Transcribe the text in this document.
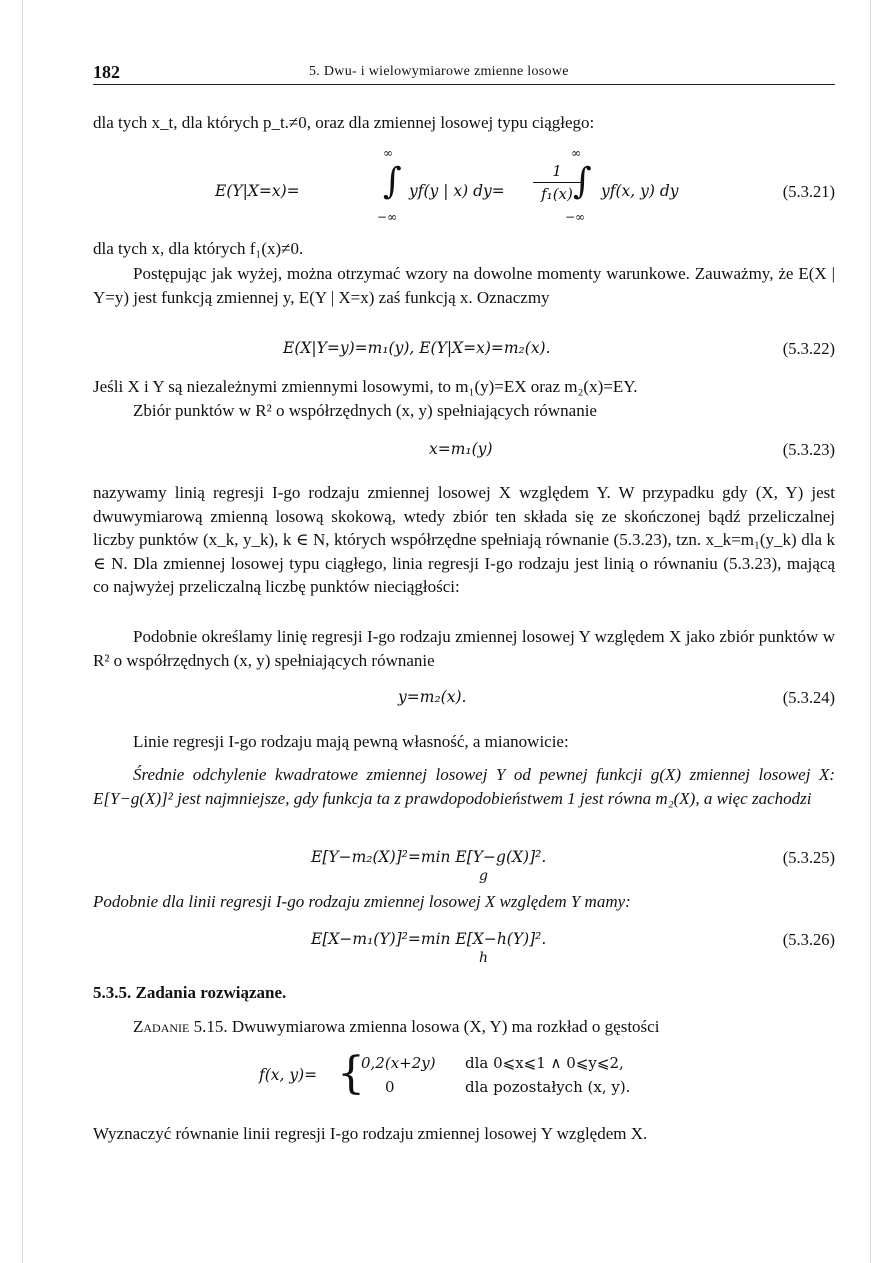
182	5. Dwu- i wielowymiarowe zmienne losowe
dla tych x_t, dla których p_t.≠0, oraz dla zmiennej losowej typu ciągłego:
E(Y|X=x)=
∞
∫
−∞
yf(y | x) dy=
1
f₁(x)
∞
∫
−∞
yf(x, y) dy	(5.3.21)
dla tych x, dla których f₁(x)≠0.
Postępując jak wyżej, można otrzymać wzory na dowolne momenty warunkowe. Zauważmy, że E(X | Y=y) jest funkcją zmiennej y, E(Y | X=x) zaś funkcją x. Oznaczmy
E(X|Y=y)=m₁(y), E(Y|X=x)=m₂(x).	(5.3.22)
Jeśli X i Y są niezależnymi zmiennymi losowymi, to m₁(y)=EX oraz m₂(x)=EY.
Zbiór punktów w R² o współrzędnych (x, y) spełniających równanie
x=m₁(y)	(5.3.23)
nazywamy linią regresji I-go rodzaju zmiennej losowej X względem Y. W przypadku gdy (X, Y) jest dwuwymiarową zmienną losową skokową, wtedy zbiór ten składa się ze skończonej bądź przeliczalnej liczby punktów (x_k, y_k), k ∈ N, których współrzędne spełniają równanie (5.3.23), tzn. x_k=m₁(y_k) dla k ∈ N. Dla zmiennej losowej typu ciągłego, linia regresji I-go rodzaju jest linią o równaniu (5.3.23), mającą co najwyżej przeliczalną liczbę punktów nieciągłości:
Podobnie określamy linię regresji I-go rodzaju zmiennej losowej Y względem X jako zbiór punktów w R² o współrzędnych (x, y) spełniających równanie
y=m₂(x).	(5.3.24)
Linie regresji I-go rodzaju mają pewną własność, a mianowicie:
Średnie odchylenie kwadratowe zmiennej losowej Y od pewnej funkcji g(X) zmiennej losowej X: E[Y−g(X)]² jest najmniejsze, gdy funkcja ta z prawdopodobieństwem 1 jest równa m₂(X), a więc zachodzi
E[Y−m₂(X)]²=min E[Y−g(X)]².
g
(5.3.25)
Podobnie dla linii regresji I-go rodzaju zmiennej losowej X względem Y mamy:
E[X−m₁(Y)]²=min E[X−h(Y)]².
h
(5.3.26)
5.3.5. Zadania rozwiązane.
Zadanie 5.15. Dwuwymiarowa zmienna losowa (X, Y) ma rozkład o gęstości
f(x, y)= {
0,2(x+2y) dla 0⩽x⩽1 ∧ 0⩽y⩽2,
0	dla pozostałych (x, y).
Wyznaczyć równanie linii regresji I-go rodzaju zmiennej losowej Y względem X.
